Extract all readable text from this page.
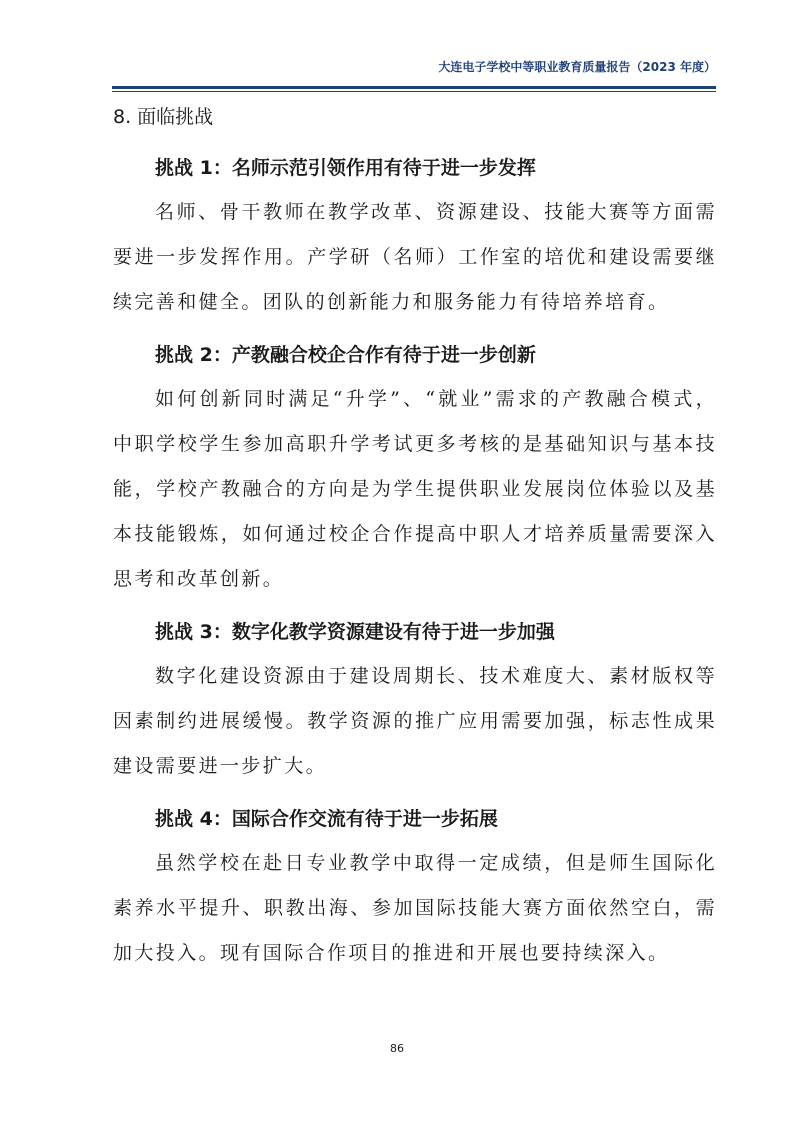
大连电子学校中等职业教育质量报告（2023 年度）
8. 面临挑战
挑战 1：名师示范引领作用有待于进一步发挥

名师、骨干教师在教学改革、资源建设、技能大赛等方面需要进一步发挥作用。产学研（名师）工作室的培优和建设需要继续完善和健全。团队的创新能力和服务能力有待培养培育。

挑战 2：产教融合校企合作有待于进一步创新

如何创新同时满足“升学”、“就业”需求的产教融合模式，中职学校学生参加高职升学考试更多考核的是基础知识与基本技能，学校产教融合的方向是为学生提供职业发展岗位体验以及基本技能锻炼，如何通过校企合作提高中职人才培养质量需要深入思考和改革创新。

挑战 3：数字化教学资源建设有待于进一步加强

数字化建设资源由于建设周期长、技术难度大、素材版权等因素制约进展缓慢。教学资源的推广应用需要加强，标志性成果建设需要进一步扩大。

挑战 4：国际合作交流有待于进一步拓展

虽然学校在赴日专业教学中取得一定成绩，但是师生国际化素养水平提升、职教出海、参加国际技能大赛方面依然空白，需加大投入。现有国际合作项目的推进和开展也要持续深入。

86
